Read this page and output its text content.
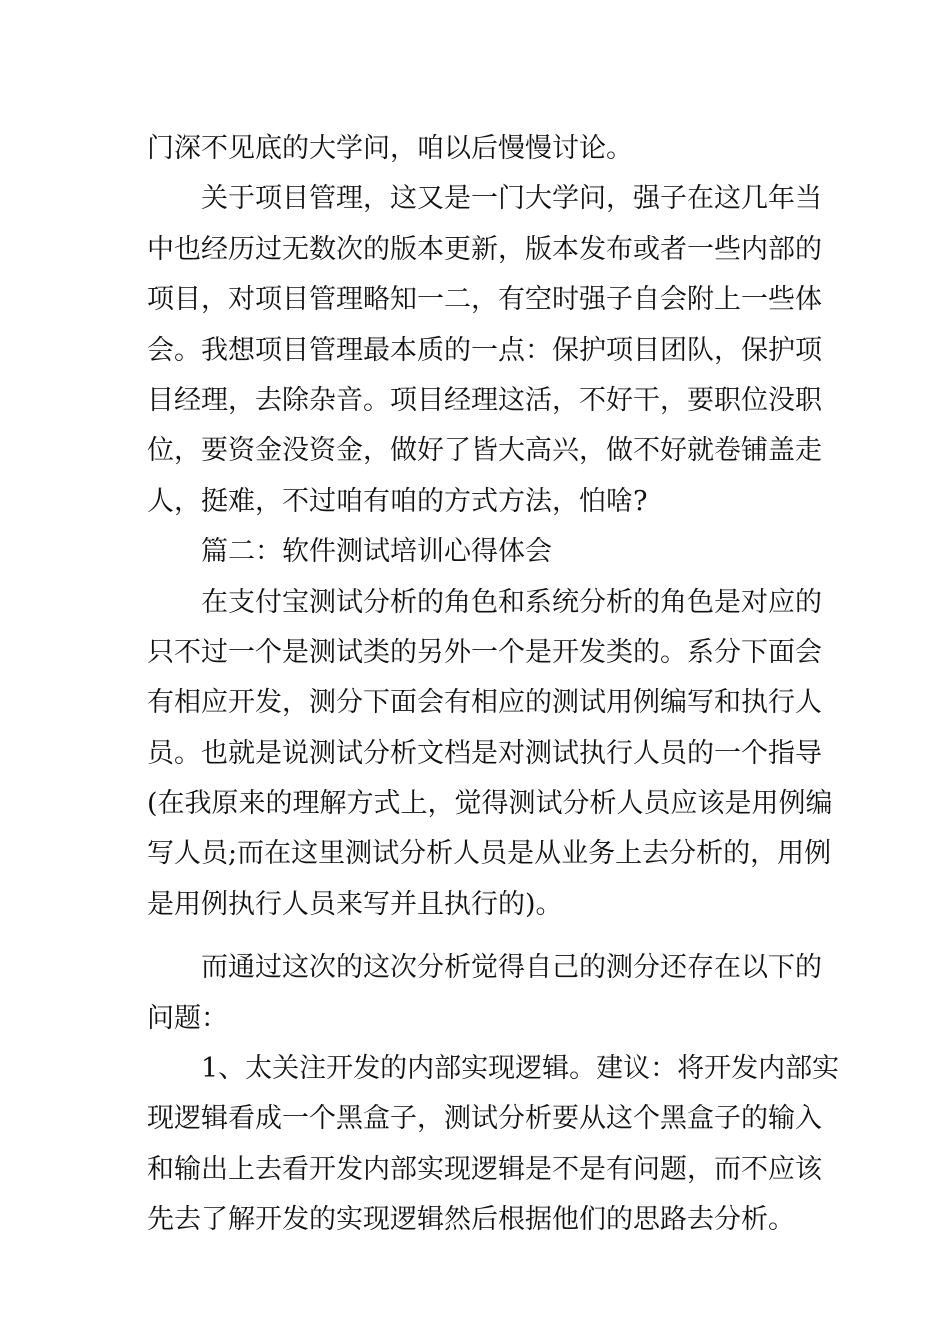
门深不见底的大学问，咱以后慢慢讨论。
关于项目管理，这又是一门大学问，强子在这几年当
中也经历过无数次的版本更新，版本发布或者一些内部的
项目，对项目管理略知一二，有空时强子自会附上一些体
会。我想项目管理最本质的一点：保护项目团队，保护项
目经理，去除杂音。项目经理这活，不好干，要职位没职
位，要资金没资金，做好了皆大高兴，做不好就卷铺盖走
人，挺难，不过咱有咱的方式方法，怕啥?
篇二：软件测试培训心得体会
在支付宝测试分析的角色和系统分析的角色是对应的
只不过一个是测试类的另外一个是开发类的。系分下面会
有相应开发，测分下面会有相应的测试用例编写和执行人
员。也就是说测试分析文档是对测试执行人员的一个指导
(在我原来的理解方式上，觉得测试分析人员应该是用例编
写人员;而在这里测试分析人员是从业务上去分析的，用例
是用例执行人员来写并且执行的)。
而通过这次的这次分析觉得自己的测分还存在以下的
问题：
1、太关注开发的内部实现逻辑。建议：将开发内部实
现逻辑看成一个黑盒子，测试分析要从这个黑盒子的输入
和输出上去看开发内部实现逻辑是不是有问题，而不应该
先去了解开发的实现逻辑然后根据他们的思路去分析。
